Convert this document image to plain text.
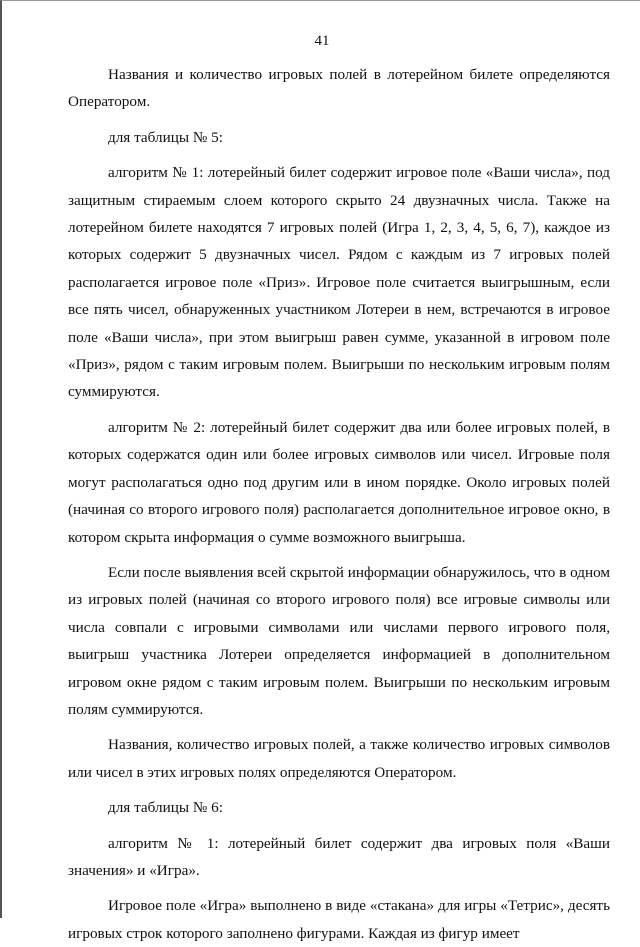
41

Названия и количество игровых полей в лотерейном билете определяются Оператором.

для таблицы № 5:

алгоритм № 1: лотерейный билет содержит игровое поле «Ваши числа», под защитным стираемым слоем которого скрыто 24 двузначных числа. Также на лотерейном билете находятся 7 игровых полей (Игра 1, 2, 3, 4, 5, 6, 7), каждое из которых содержит 5 двузначных чисел. Рядом с каждым из 7 игровых полей располагается игровое поле «Приз». Игровое поле считается выигрышным, если все пять чисел, обнаруженных участником Лотереи в нем, встречаются в игровое поле «Ваши числа», при этом выигрыш равен сумме, указанной в игровом поле «Приз», рядом с таким игровым полем. Выигрыши по нескольким игровым полям суммируются.

алгоритм № 2: лотерейный билет содержит два или более игровых полей, в которых содержатся один или более игровых символов или чисел. Игровые поля могут располагаться одно под другим или в ином порядке. Около игровых полей (начиная со второго игрового поля) располагается дополнительное игровое окно, в котором скрыта информация о сумме возможного выигрыша.

Если после выявления всей скрытой информации обнаружилось, что в одном из игровых полей (начиная со второго игрового поля) все игровые символы или числа совпали с игровыми символами или числами первого игрового поля, выигрыш участника Лотереи определяется информацией в дополнительном игровом окне рядом с таким игровым полем. Выигрыши по нескольким игровым полям суммируются.

Названия, количество игровых полей, а также количество игровых символов или чисел в этих игровых полях определяются Оператором.

для таблицы № 6:

алгоритм № 1: лотерейный билет содержит два игровых поля «Ваши значения» и «Игра».

Игровое поле «Игра» выполнено в виде «стакана» для игры «Тетрис», десять игровых строк которого заполнено фигурами. Каждая из фигур имеет
